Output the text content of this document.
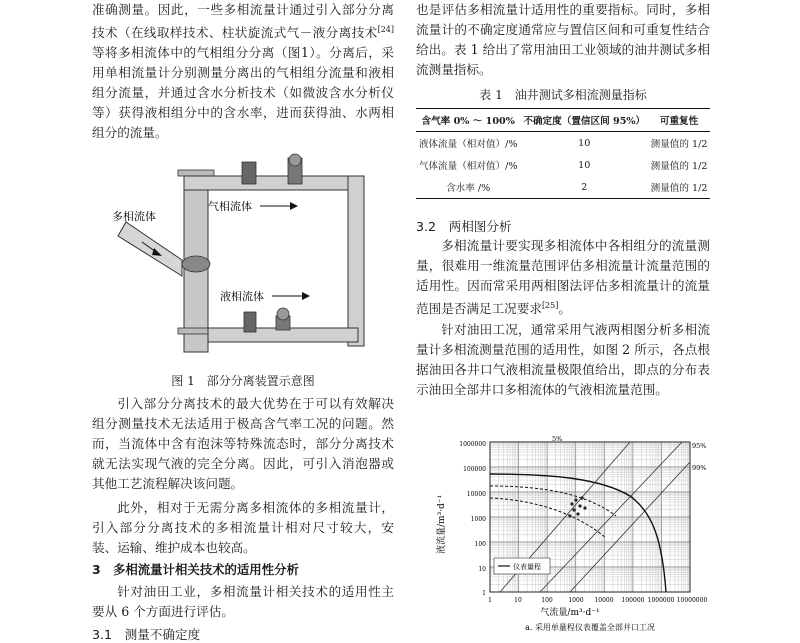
准确测量。因此，一些多相流量计通过引入部分分离技术（在线取样技术、柱状旋流式气－液分离技术[24]等将多相流体中的气相组分分离（图1）。分离后，采用单相流量计分别测量分离出的气相组分流量和液相组分流量，并通过含水分析技术（如微波含水分析仪等）获得液相组分中的含水率，进而获得油、水两相组分的流量。

气相流体
多相流体
液相流体
图 1　部分分离装置示意图

引入部分分离技术的最大优势在于可以有效解决组分测量技术无法适用于极高含气率工况的问题。然而，当流体中含有泡沫等特殊流态时，部分分离技术就无法实现气液的完全分离。因此，可引入消泡器或其他工艺流程解决该问题。

此外，相对于无需分离多相流体的多相流量计，引入部分分离技术的多相流量计相对尺寸较大，安装、运输、维护成本也较高。

3　多相流量计相关技术的适用性分析

针对油田工业，多相流量计相关技术的适用性主要从 6 个方面进行评估。

3.1　测量不确定度

也是评估多相流量计适用性的重要指标。同时，多相流量计的不确定度通常应与置信区间和可重复性结合给出。表 1 给出了常用油田工业领域的油井测试多相流测量指标。

表 1　油井测试多相流测量指标
含气率 0% ～ 100%	不确定度（置信区间 95%）	可重复性
液体流量（相对值）/%	10	测量值的 1/2
气体流量（相对值）/%	10	测量值的 1/2
含水率 /%	2	测量值的 1/2
3.2　两相图分析

多相流量计要实现多相流体中各相组分的流量测量，很难用一维流量范围评估多相流量计流量范围的适用性。因而常采用两相图法评估多相流量计的流量范围是否满足工况要求[25]。

针对油田工况，通常采用气液两相图分析多相流量计多相流测量范围的适用性，如图 2 所示，各点根据油田各井口气液相流量极限值给出，即点的分布表示油田全部井口多相流体的气液相流量范围。

5%
95%
99%
1000000
100000
10000
1000
100
10
1
1	10	100	1000 10000 100000 1000000 10000000
液流量/m³·d⁻¹
气流量/m³·d⁻¹
仪表量程
a. 采用单量程仪表覆盖全部井口工况
